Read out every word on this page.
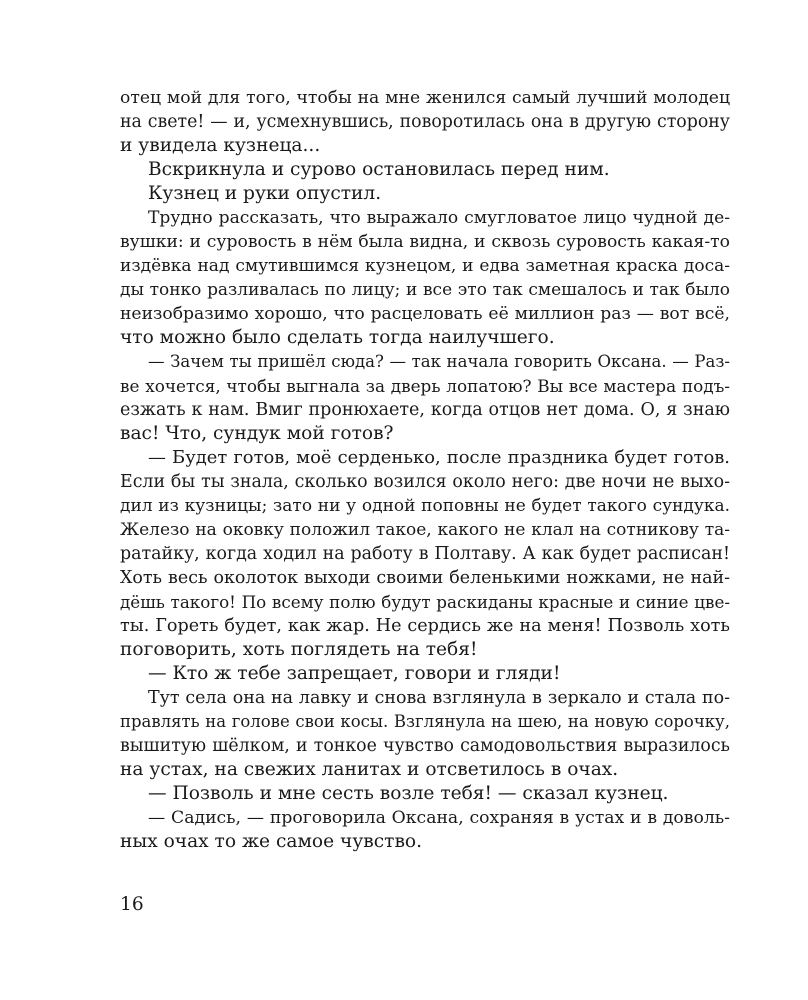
отец мой для того, чтобы на мне женился самый лучший молодец
на свете! — и, усмехнувшись, поворотилась она в другую сторону
и увидела кузнеца...
Вскрикнула и сурово остановилась перед ним.
Кузнец и руки опустил.
Трудно рассказать, что выражало смугловатое лицо чудной де-
вушки: и суровость в нём была видна, и сквозь суровость какая-то
издёвка над смутившимся кузнецом, и едва заметная краска доса-
ды тонко разливалась по лицу; и все это так смешалось и так было
неизобразимо хорошо, что расцеловать её миллион раз — вот всё,
что можно было сделать тогда наилучшего.
— Зачем ты пришёл сюда? — так начала говорить Оксана. — Раз-
ве хочется, чтобы выгнала за дверь лопатою? Вы все мастера подъ-
езжать к нам. Вмиг пронюхаете, когда отцов нет дома. О, я знаю
вас! Что, сундук мой готов?
— Будет готов, моё серденько, после праздника будет готов.
Если бы ты знала, сколько возился около него: две ночи не выхо-
дил из кузницы; зато ни у одной поповны не будет такого сундука.
Железо на оковку положил такое, какого не клал на сотникову та-
ратайку, когда ходил на работу в Полтаву. А как будет расписан!
Хоть весь околоток выходи своими беленькими ножками, не най-
дёшь такого! По всему полю будут раскиданы красные и синие цве-
ты. Гореть будет, как жар. Не сердись же на меня! Позволь хоть
поговорить, хоть поглядеть на тебя!
— Кто ж тебе запрещает, говори и гляди!
Тут села она на лавку и снова взглянула в зеркало и стала по-
правлять на голове свои косы. Взглянула на шею, на новую сорочку,
вышитую шёлком, и тонкое чувство самодовольствия выразилось
на устах, на свежих ланитах и отсветилось в очах.
— Позволь и мне сесть возле тебя! — сказал кузнец.
— Садись, — проговорила Оксана, сохраняя в устах и в доволь-
ных очах то же самое чувство.
16
